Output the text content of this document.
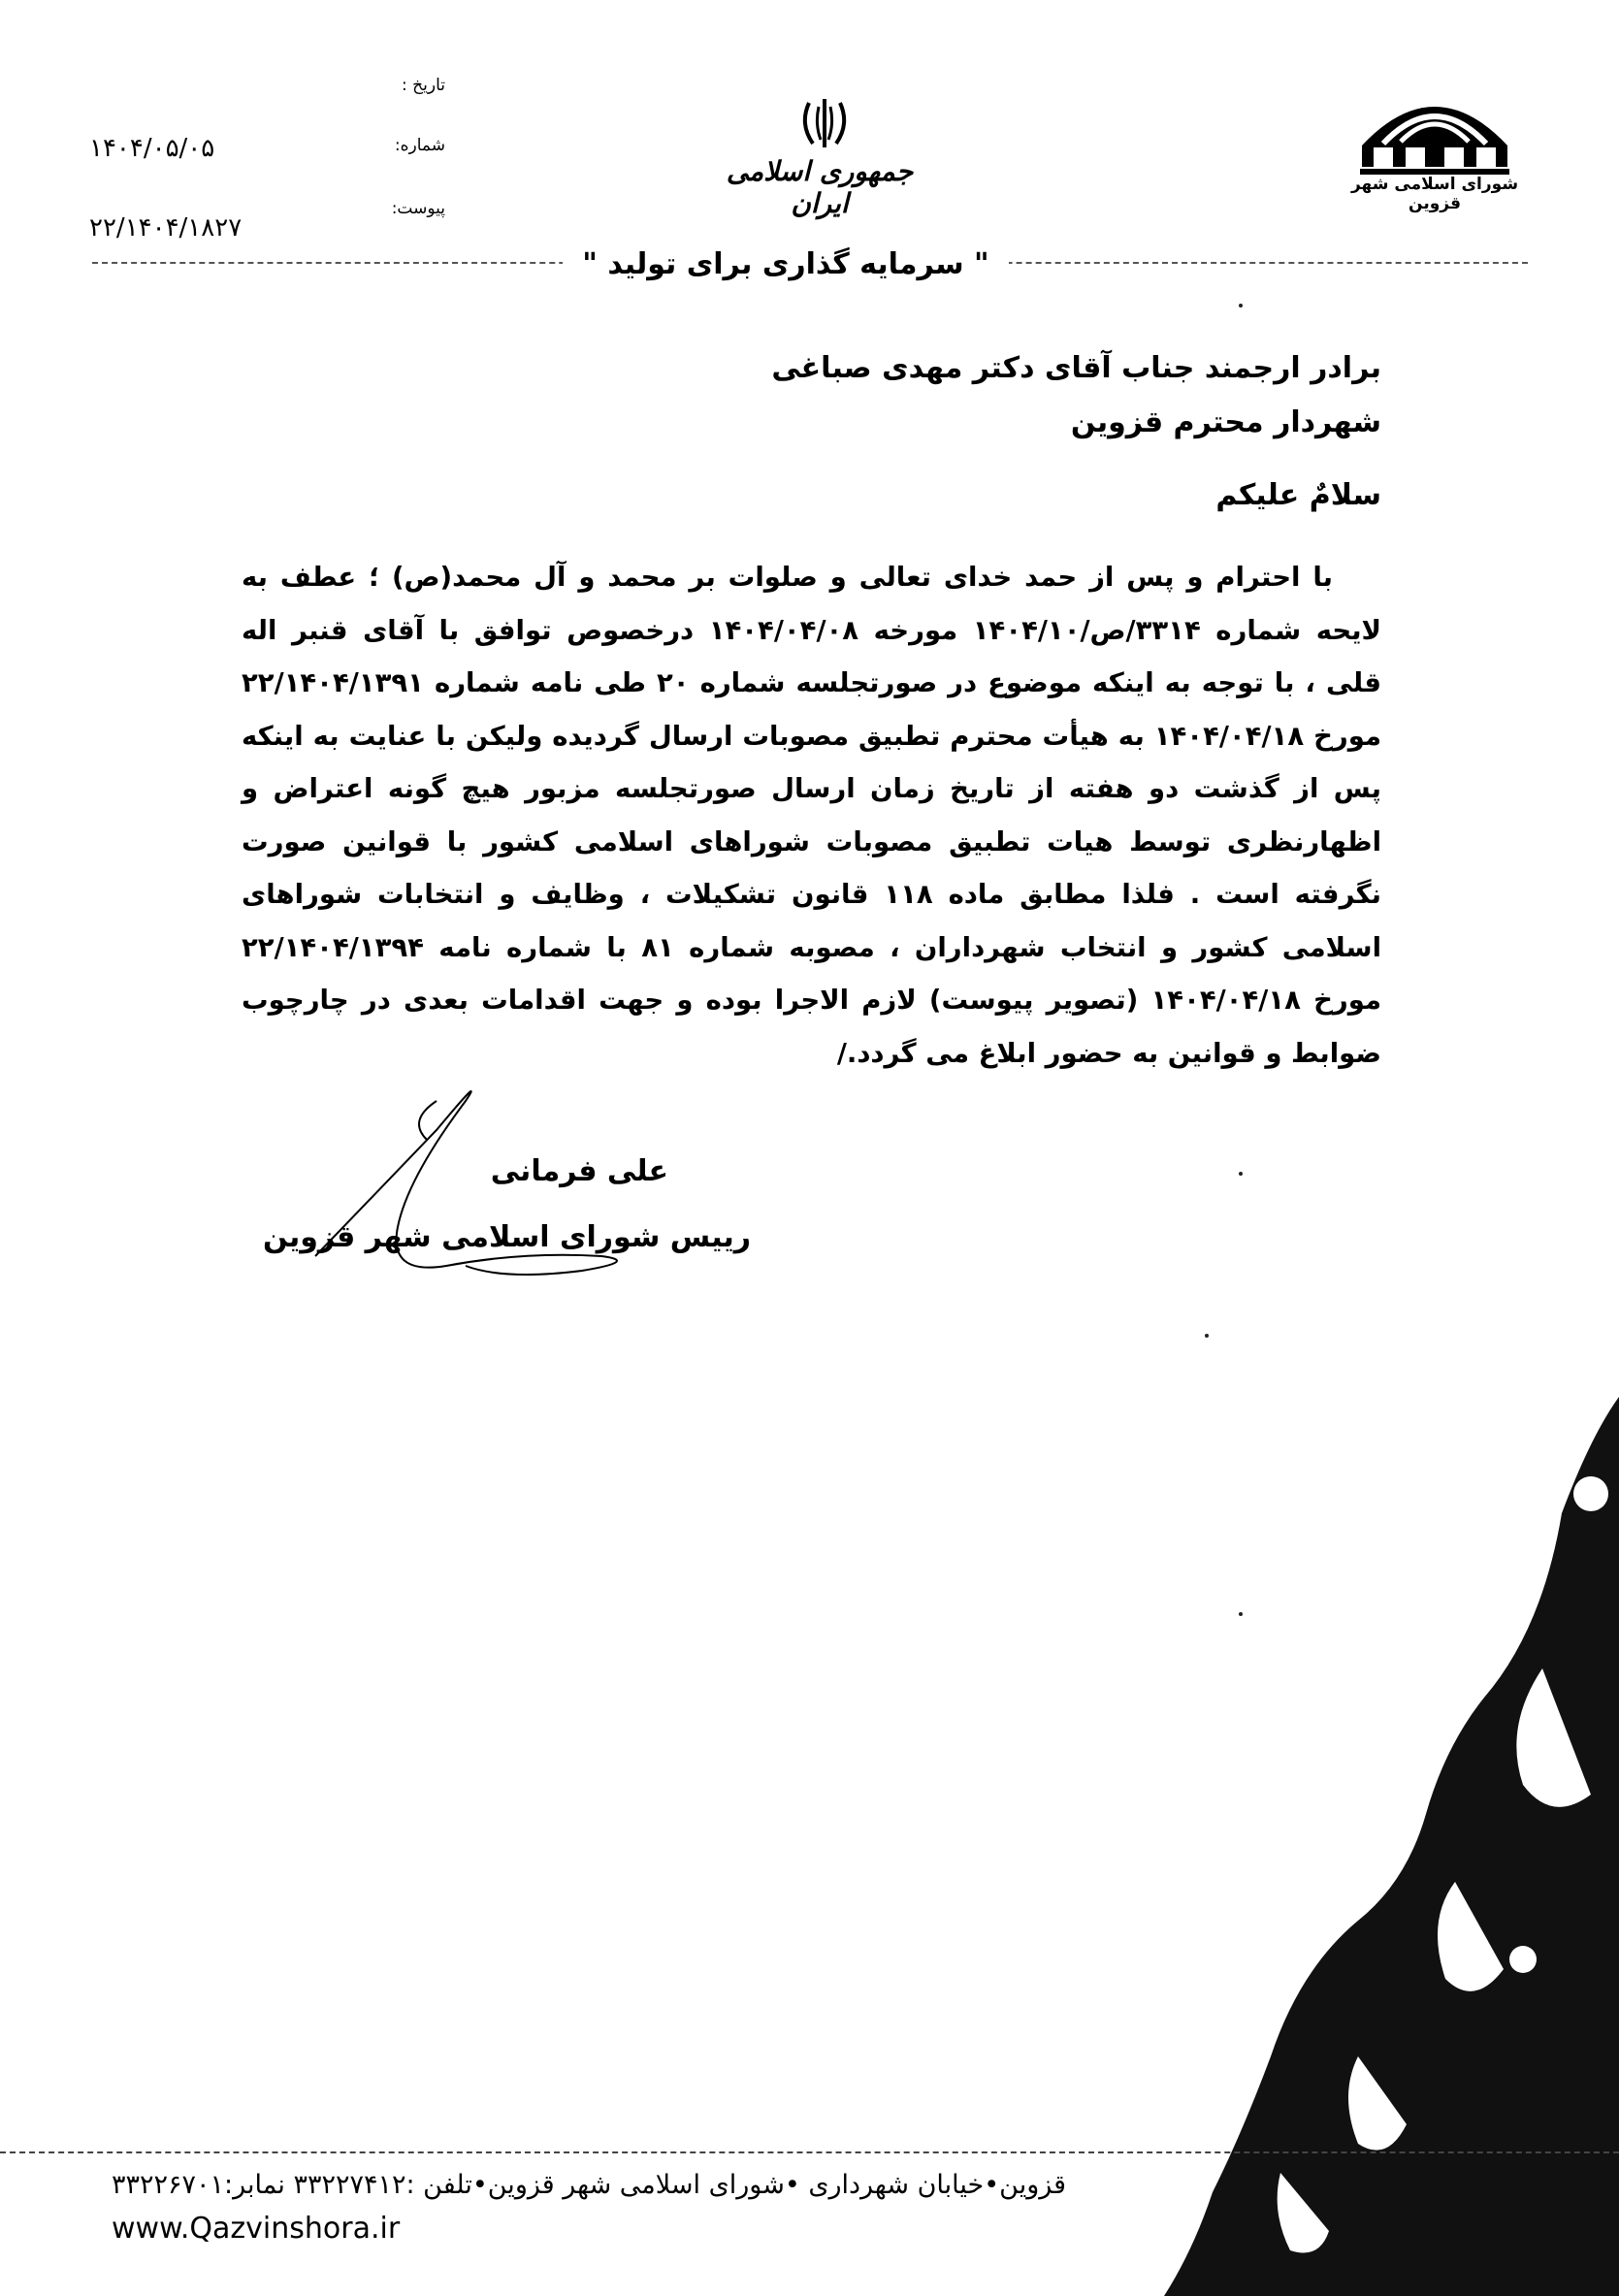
شورای اسلامی شهر قزوین
جمهوری اسلامی ایران
تاریخ :
شماره:
پیوست:
۱۴۰۴/۰۵/۰۵
۲۲/۱۴۰۴/۱۸۲۷
" سرمایه گذاری برای تولید "
برادر ارجمند جناب آقای دکتر مهدی صباغی
شهردار محترم قزوین
سلامٌ علیکم

با احترام و پس از حمد خدای تعالی و صلوات بر محمد و آل محمد(ص) ؛ عطف به لایحه شماره ۳۳۱۴/ص/۱۴۰۴/۱۰ مورخه ۱۴۰۴/۰۴/۰۸ درخصوص توافق با آقای قنبر اله قلی ، با توجه به اینکه موضوع در صورتجلسه شماره ۲۰ طی نامه شماره ۲۲/۱۴۰۴/۱۳۹۱ مورخ ۱۴۰۴/۰۴/۱۸ به هیأت محترم تطبیق مصوبات ارسال گردیده ولیکن با عنایت به اینکه پس از گذشت دو هفته از تاریخ زمان ارسال صورتجلسه مزبور هیچ گونه اعتراض و اظهارنظری توسط هیات تطبیق مصوبات شوراهای اسلامی کشور با قوانین صورت نگرفته است . فلذا مطابق ماده ۱۱۸ قانون تشکیلات ، وظایف و انتخابات شوراهای اسلامی کشور و انتخاب شهرداران ، مصوبه شماره ۸۱ با شماره نامه ۲۲/۱۴۰۴/۱۳۹۴ مورخ ۱۴۰۴/۰۴/۱۸ (تصویر پیوست) لازم الاجرا بوده و جهت اقدامات بعدی در چارچوب ضوابط و قوانین به حضور ابلاغ می گردد./

علی فرمانی
رییس شورای اسلامی شهر قزوین
قزوین•خیابان شهرداری •شورای اسلامی شهر قزوین•تلفن :۳۳۲۲۷۴۱۲ نمابر:۳۳۲۲۶۷۰۱
www.Qazvinshora.ir
